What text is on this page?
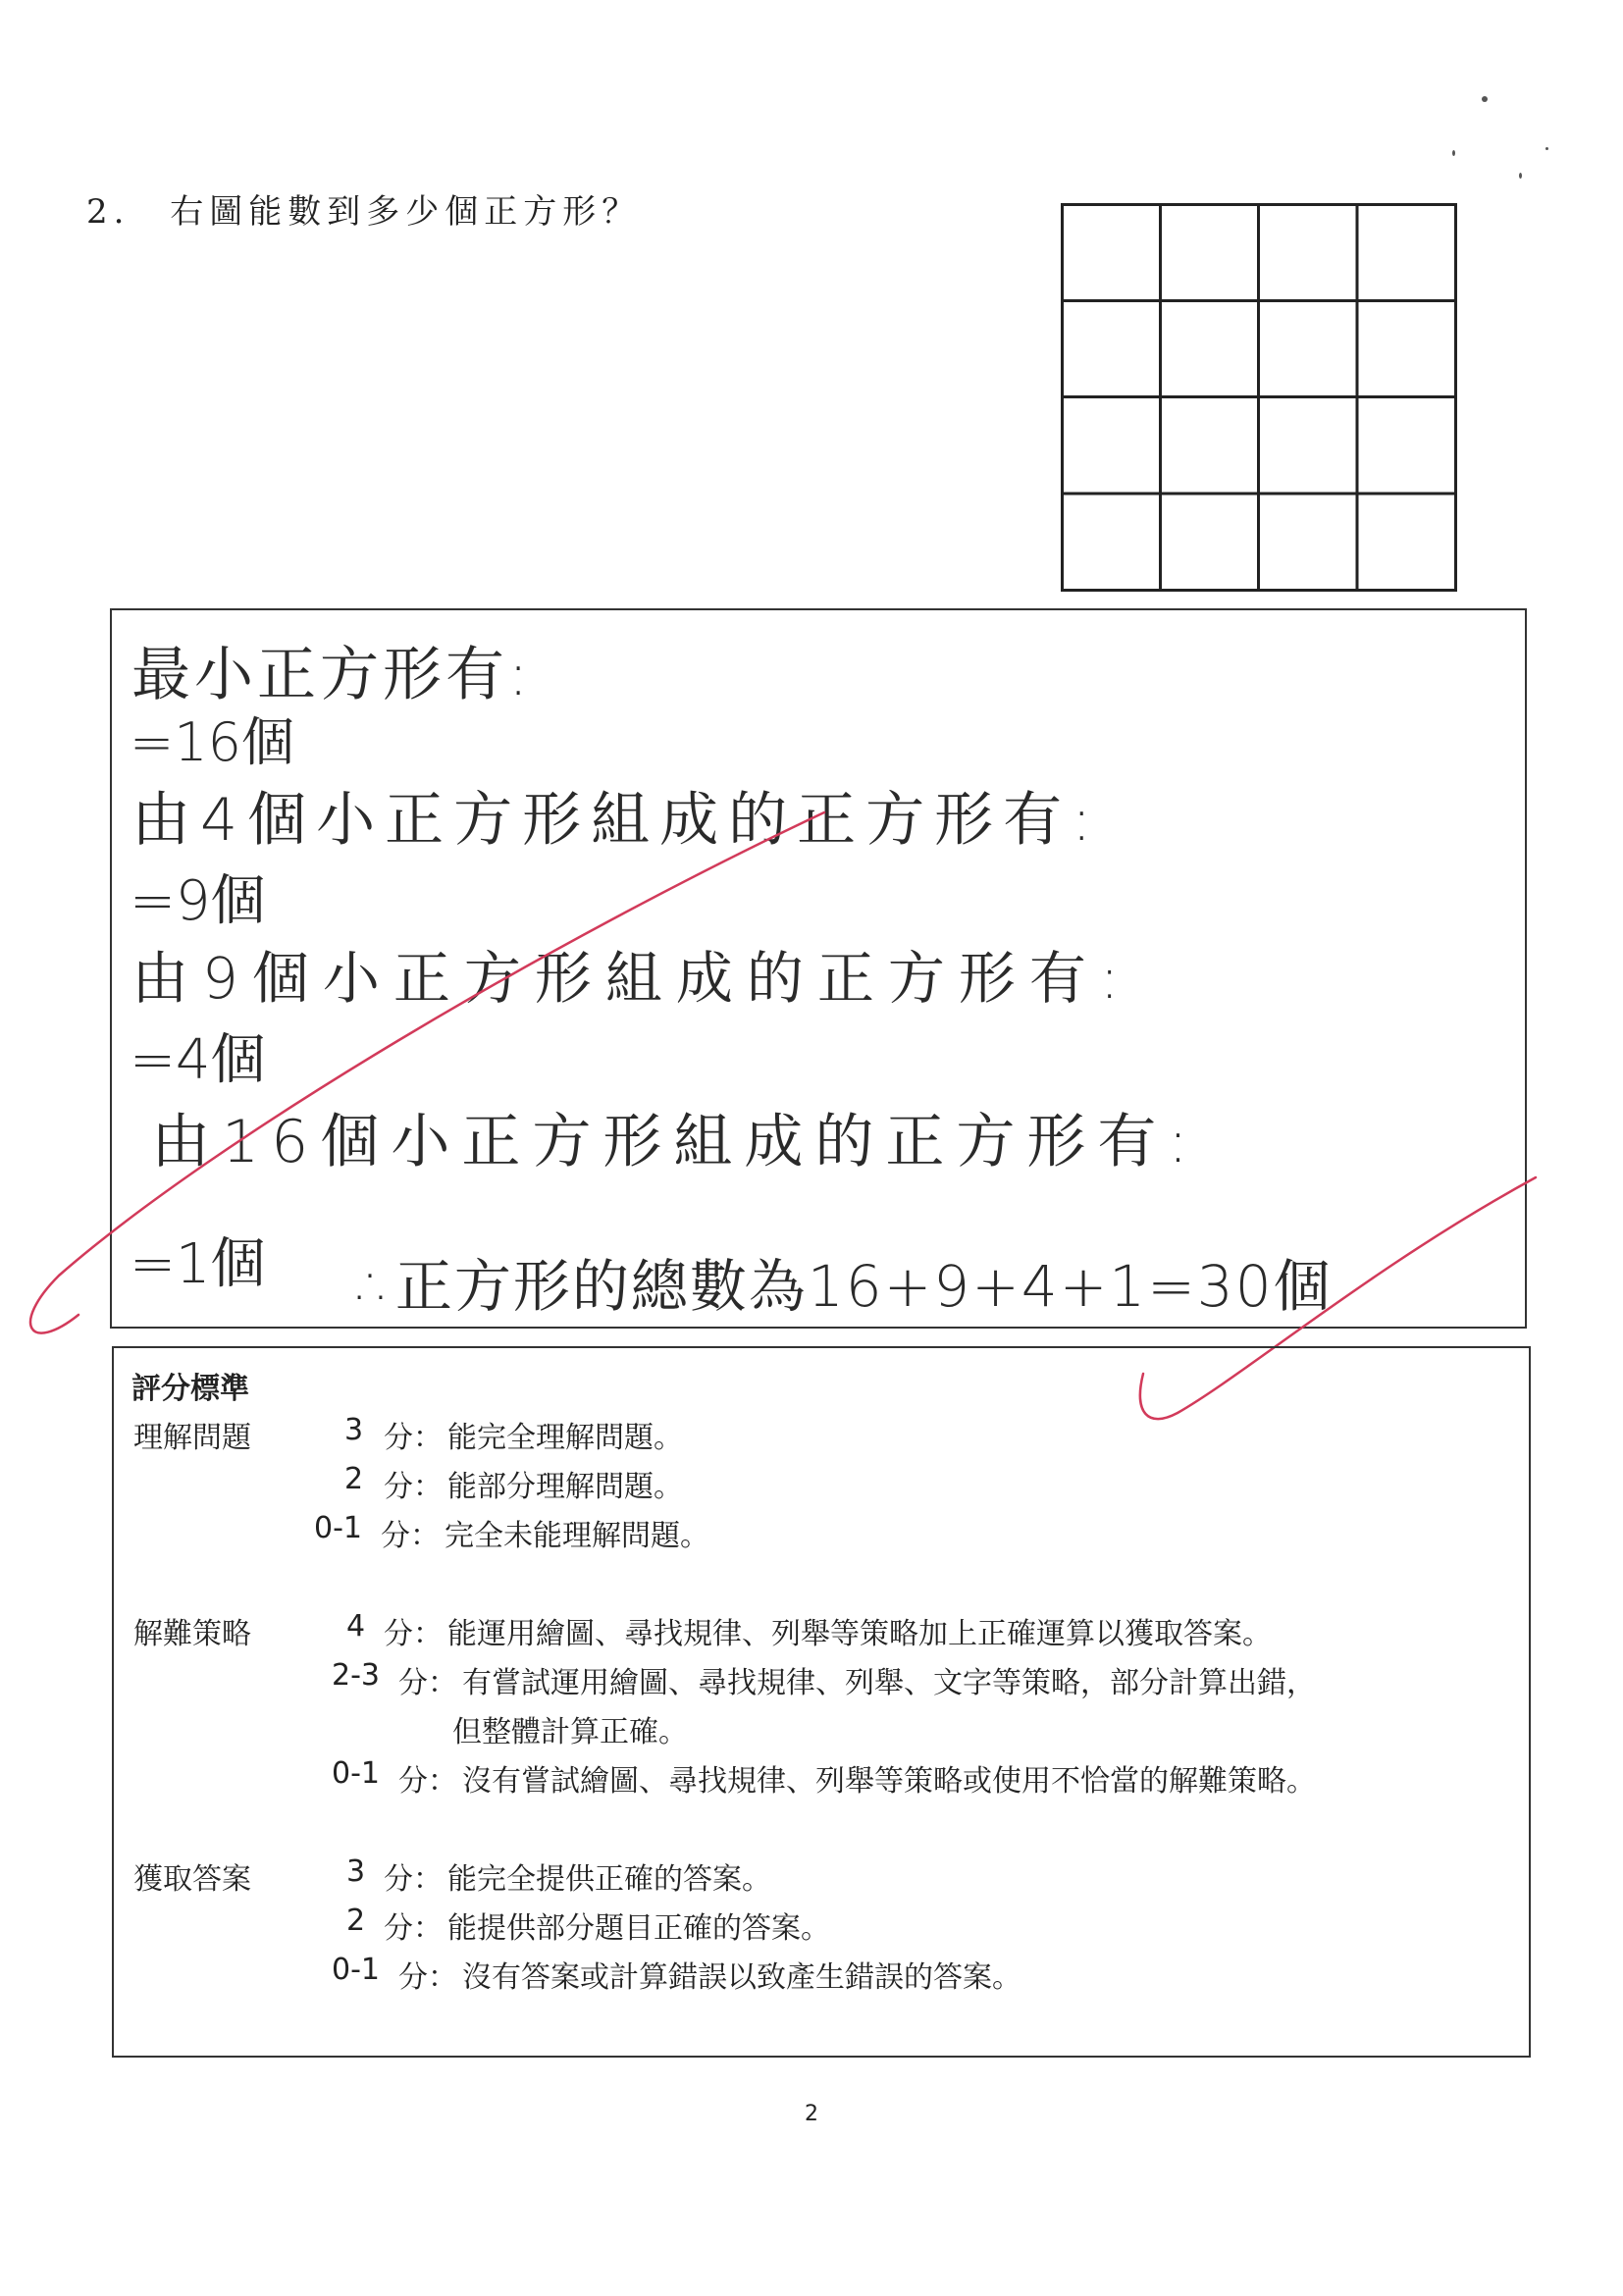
2. 右圖能數到多少個正方形？
最小正方形有:
=16個
由4個小正方形組成的正方形有:
=9個
由9個小正方形組成的正方形有:
=4個
由16個小正方形組成的正方形有:
=1個 ∴正方形的總數為16+9+4+1=30個
評分標準
理解問題	3 分： 能完全理解問題。
2 分： 能部分理解問題。
0-1 分： 完全未能理解問題。
解難策略	4 分： 能運用繪圖、尋找規律、列舉等策略加上正確運算以獲取答案。
2-3 分： 有嘗試運用繪圖、尋找規律、列舉、文字等策略，部分計算出錯，
但整體計算正確。
0-1 分： 沒有嘗試繪圖、尋找規律、列舉等策略或使用不恰當的解難策略。
獲取答案	3 分： 能完全提供正確的答案。
2 分： 能提供部分題目正確的答案。
0-1 分： 沒有答案或計算錯誤以致產生錯誤的答案。
2
